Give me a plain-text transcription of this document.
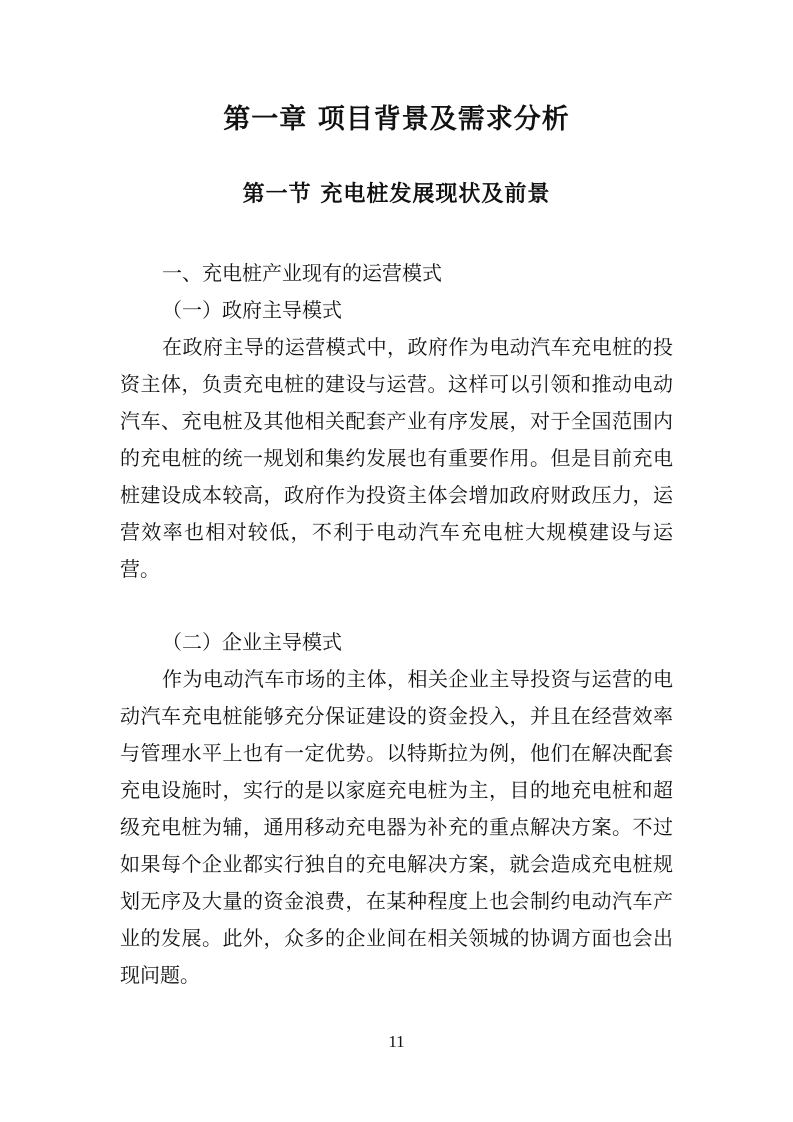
第一章 项目背景及需求分析
第一节 充电桩发展现状及前景
一、充电桩产业现有的运营模式
（一）政府主导模式
在政府主导的运营模式中，政府作为电动汽车充电桩的投资主体，负责充电桩的建设与运营。这样可以引领和推动电动汽车、充电桩及其他相关配套产业有序发展，对于全国范围内的充电桩的统一规划和集约发展也有重要作用。但是目前充电桩建设成本较高，政府作为投资主体会增加政府财政压力，运营效率也相对较低，不利于电动汽车充电桩大规模建设与运营。
（二）企业主导模式
作为电动汽车市场的主体，相关企业主导投资与运营的电动汽车充电桩能够充分保证建设的资金投入，并且在经营效率与管理水平上也有一定优势。以特斯拉为例，他们在解决配套充电设施时，实行的是以家庭充电桩为主，目的地充电桩和超级充电桩为辅，通用移动充电器为补充的重点解决方案。不过如果每个企业都实行独自的充电解决方案，就会造成充电桩规划无序及大量的资金浪费，在某种程度上也会制约电动汽车产业的发展。此外，众多的企业间在相关领城的协调方面也会出现问题。
11
